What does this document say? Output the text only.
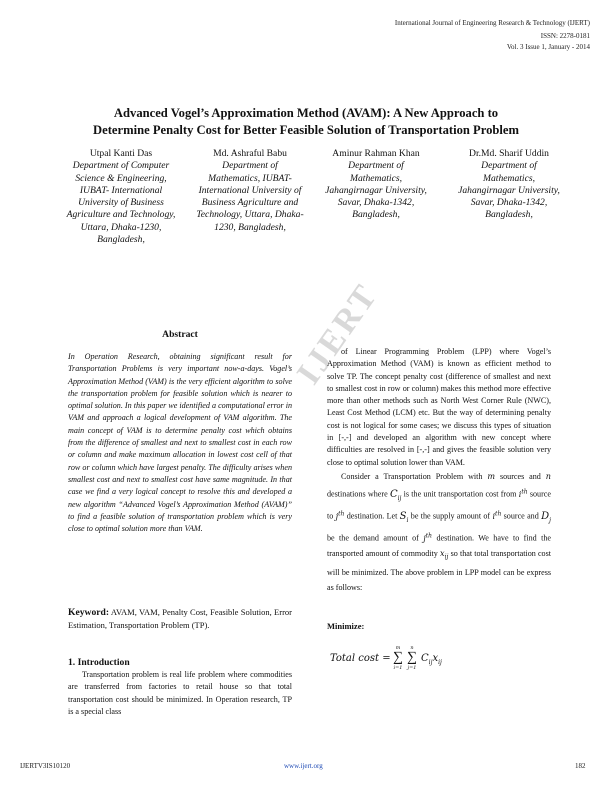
International Journal of Engineering Research & Technology (IJERT)
ISSN: 2278-0181
Vol. 3 Issue 1, January - 2014
IJERT
Advanced Vogel’s Approximation Method (AVAM): A New Approach to
Determine Penalty Cost for Better Feasible Solution of Transportation Problem
Utpal Kanti Das
Department of Computer Science & Engineering, IUBAT- International University of Business Agriculture and Technology, Uttara, Dhaka-1230, Bangladesh,
Md. Ashraful Babu
Department of Mathematics, IUBAT- International University of Business Agriculture and Technology, Uttara, Dhaka-1230, Bangladesh,
Aminur Rahman Khan
Department of Mathematics, Jahangirnagar University, Savar, Dhaka-1342, Bangladesh,
Dr.Md. Sharif Uddin
Department of Mathematics, Jahangirnagar University, Savar, Dhaka-1342, Bangladesh,
Abstract

In Operation Research, obtaining significant result for Transportation Problems is very important now-a-days. Vogel’s Approximation Method (VAM) is the very efficient algorithm to solve the transportation problem for feasible solution which is nearer to optimal solution. In this paper we identified a computational error in VAM and approach a logical development of VAM algorithm. The main concept of VAM is to determine penalty cost which obtains from the difference of smallest and next to smallest cost in each row or column and make maximum allocation in lowest cost cell of that row or column which have largest penalty. The difficulty arises when smallest cost and next to smallest cost have same magnitude. In that case we find a very logical concept to resolve this and developed a new algorithm “Advanced Vogel’s Approximation Method (AVAM)” to find a feasible solution of transportation problem which is very close to optimal solution more than VAM.

Keyword: AVAM, VAM, Penalty Cost, Feasible Solution, Error Estimation, Transportation Problem (TP).
1. Introduction

Transportation problem is real life problem where commodities are transferred from factories to retail house so that total transportation cost should be minimized. In Operation research, TP is a special class

of Linear Programming Problem (LPP) where Vogel’s Approximation Method (VAM) is known as efficient method to solve TP. The concept penalty cost (difference of smallest and next to smallest cost in row or column) makes this method more effective more than other methods such as North West Corner Rule (NWC), Least Cost Method (LCM) etc. But the way of determining penalty cost is not logical for some cases; we discuss this types of situation in [-,-] and developed an algorithm with new concept where difficulties are resolved in [-,-] and gives the feasible solution very close to optimal solution lower than VAM.

Consider a Transportation Problem with m sources and n destinations where $C_{ij}$ is the unit transportation cost from $i^{th}$ source to $j^{th}$ destination. Let $S_i$ be the supply amount of $i^{th}$ source and $D_j$ be the demand amount of $j^{th}$ destination. We have to find the transported amount of commodity $x_{ij}$ so that total transportation cost will be minimized. The above problem in LPP model can be express as follows:

Minimize:
Total cost =
m
∑
i=1
n
∑
j=1
$C_{ij}x_{ij}$
IJERTV3IS10120	www.ijert.org	182
